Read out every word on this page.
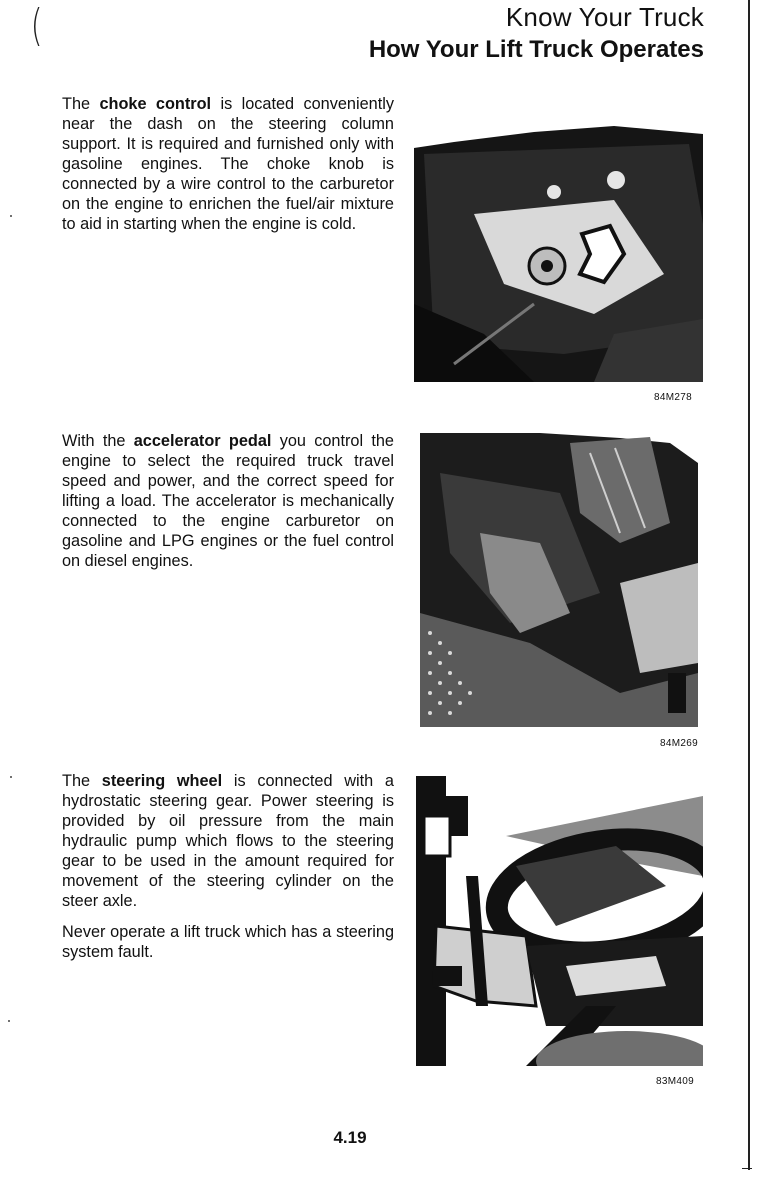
(	Know Your Truck
How Your Lift Truck Operates

The choke control is located conveniently near the dash on the steering column support. It is required and furnished only with gasoline engines. The choke knob is connected by a wire control to the carburetor on the engine to enrichen the fuel/air mixture to aid in starting when the engine is cold.

84M278

With the accelerator pedal you control the engine to select the required truck travel speed and power, and the correct speed for lifting a load. The accelerator is mechanically connected to the engine carburetor on gasoline and LPG engines or the fuel control on diesel engines.

84M269

The steering wheel is connected with a hydrostatic steering gear. Power steering is provided by oil pressure from the main hydraulic pump which flows to the steering gear to be used in the amount required for movement of the steering cylinder on the steer axle.

Never operate a lift truck which has a steering system fault.

83M409
4.19
